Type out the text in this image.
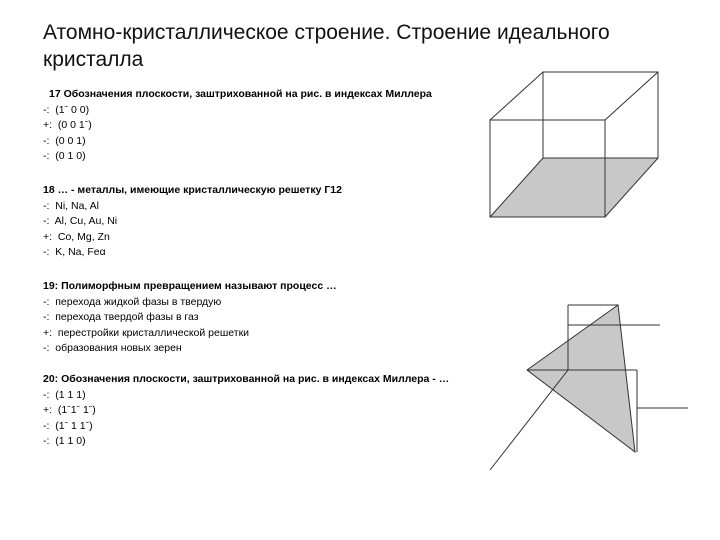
Атомно-кристаллическое строение. Строение идеального кристалла
17 Обозначения плоскости, заштрихованной на рис. в индексах Миллера
-:  (1ˉ 0 0)
+:  (0 0 1ˉ)
-:  (0 0 1)
-:  (0 1 0)
18 … - металлы, имеющие кристаллическую решетку Г12
-:  Ni, Na, Al
-:  Al, Cu, Au, Ni
+:  Co, Mg, Zn
-:  K, Na, Feα
19: Полиморфным превращением называют процесс …
-:  перехода жидкой фазы в твердую
-:  перехода твердой фазы в газ
+:  перестройки кристаллической решетки
-:  образования новых зерен
20: Обозначения плоскости, заштрихованной на рис. в индексах Миллера - …
-:  (1 1 1)
+:  (1ˉ1ˉ 1ˉ)
-:  (1ˉ 1 1ˉ)
-:  (1 1 0)
